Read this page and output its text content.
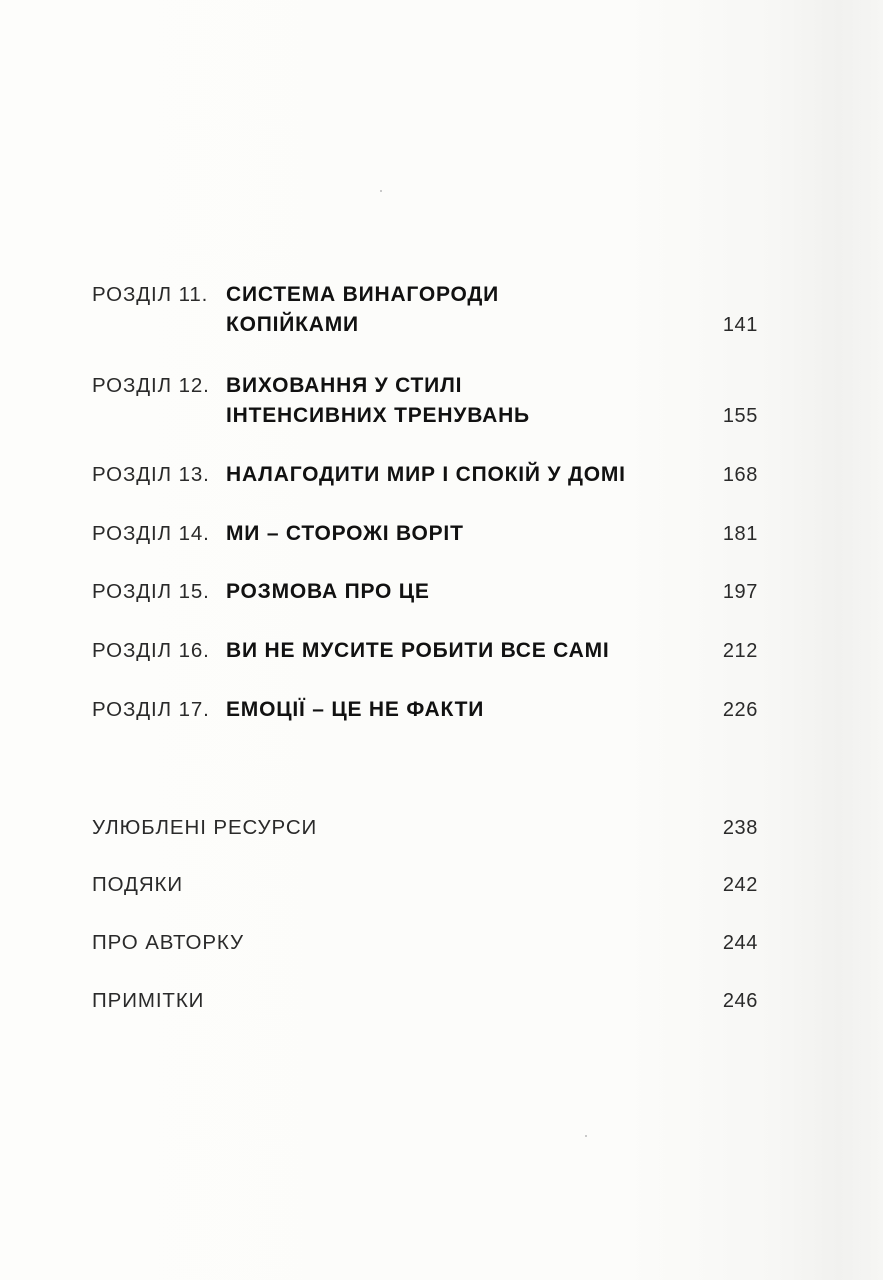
РОЗДІЛ 11. СИСТЕМА ВИНАГОРОДИ
КОПІЙКАМИ	141
РОЗДІЛ 12. ВИХОВАННЯ У СТИЛІ
ІНТЕНСИВНИХ ТРЕНУВАНЬ	155
РОЗДІЛ 13. НАЛАГОДИТИ МИР І СПОКІЙ У ДОМІ	168
РОЗДІЛ 14. МИ – СТОРОЖІ ВОРІТ	181
РОЗДІЛ 15. РОЗМОВА ПРО ЦЕ	197
РОЗДІЛ 16. ВИ НЕ МУСИТЕ РОБИТИ ВСЕ САМІ	212
РОЗДІЛ 17. ЕМОЦІЇ – ЦЕ НЕ ФАКТИ	226
УЛЮБЛЕНІ РЕСУРСИ	238
ПОДЯКИ	242
ПРО АВТОРКУ	244
ПРИМІТКИ	246
